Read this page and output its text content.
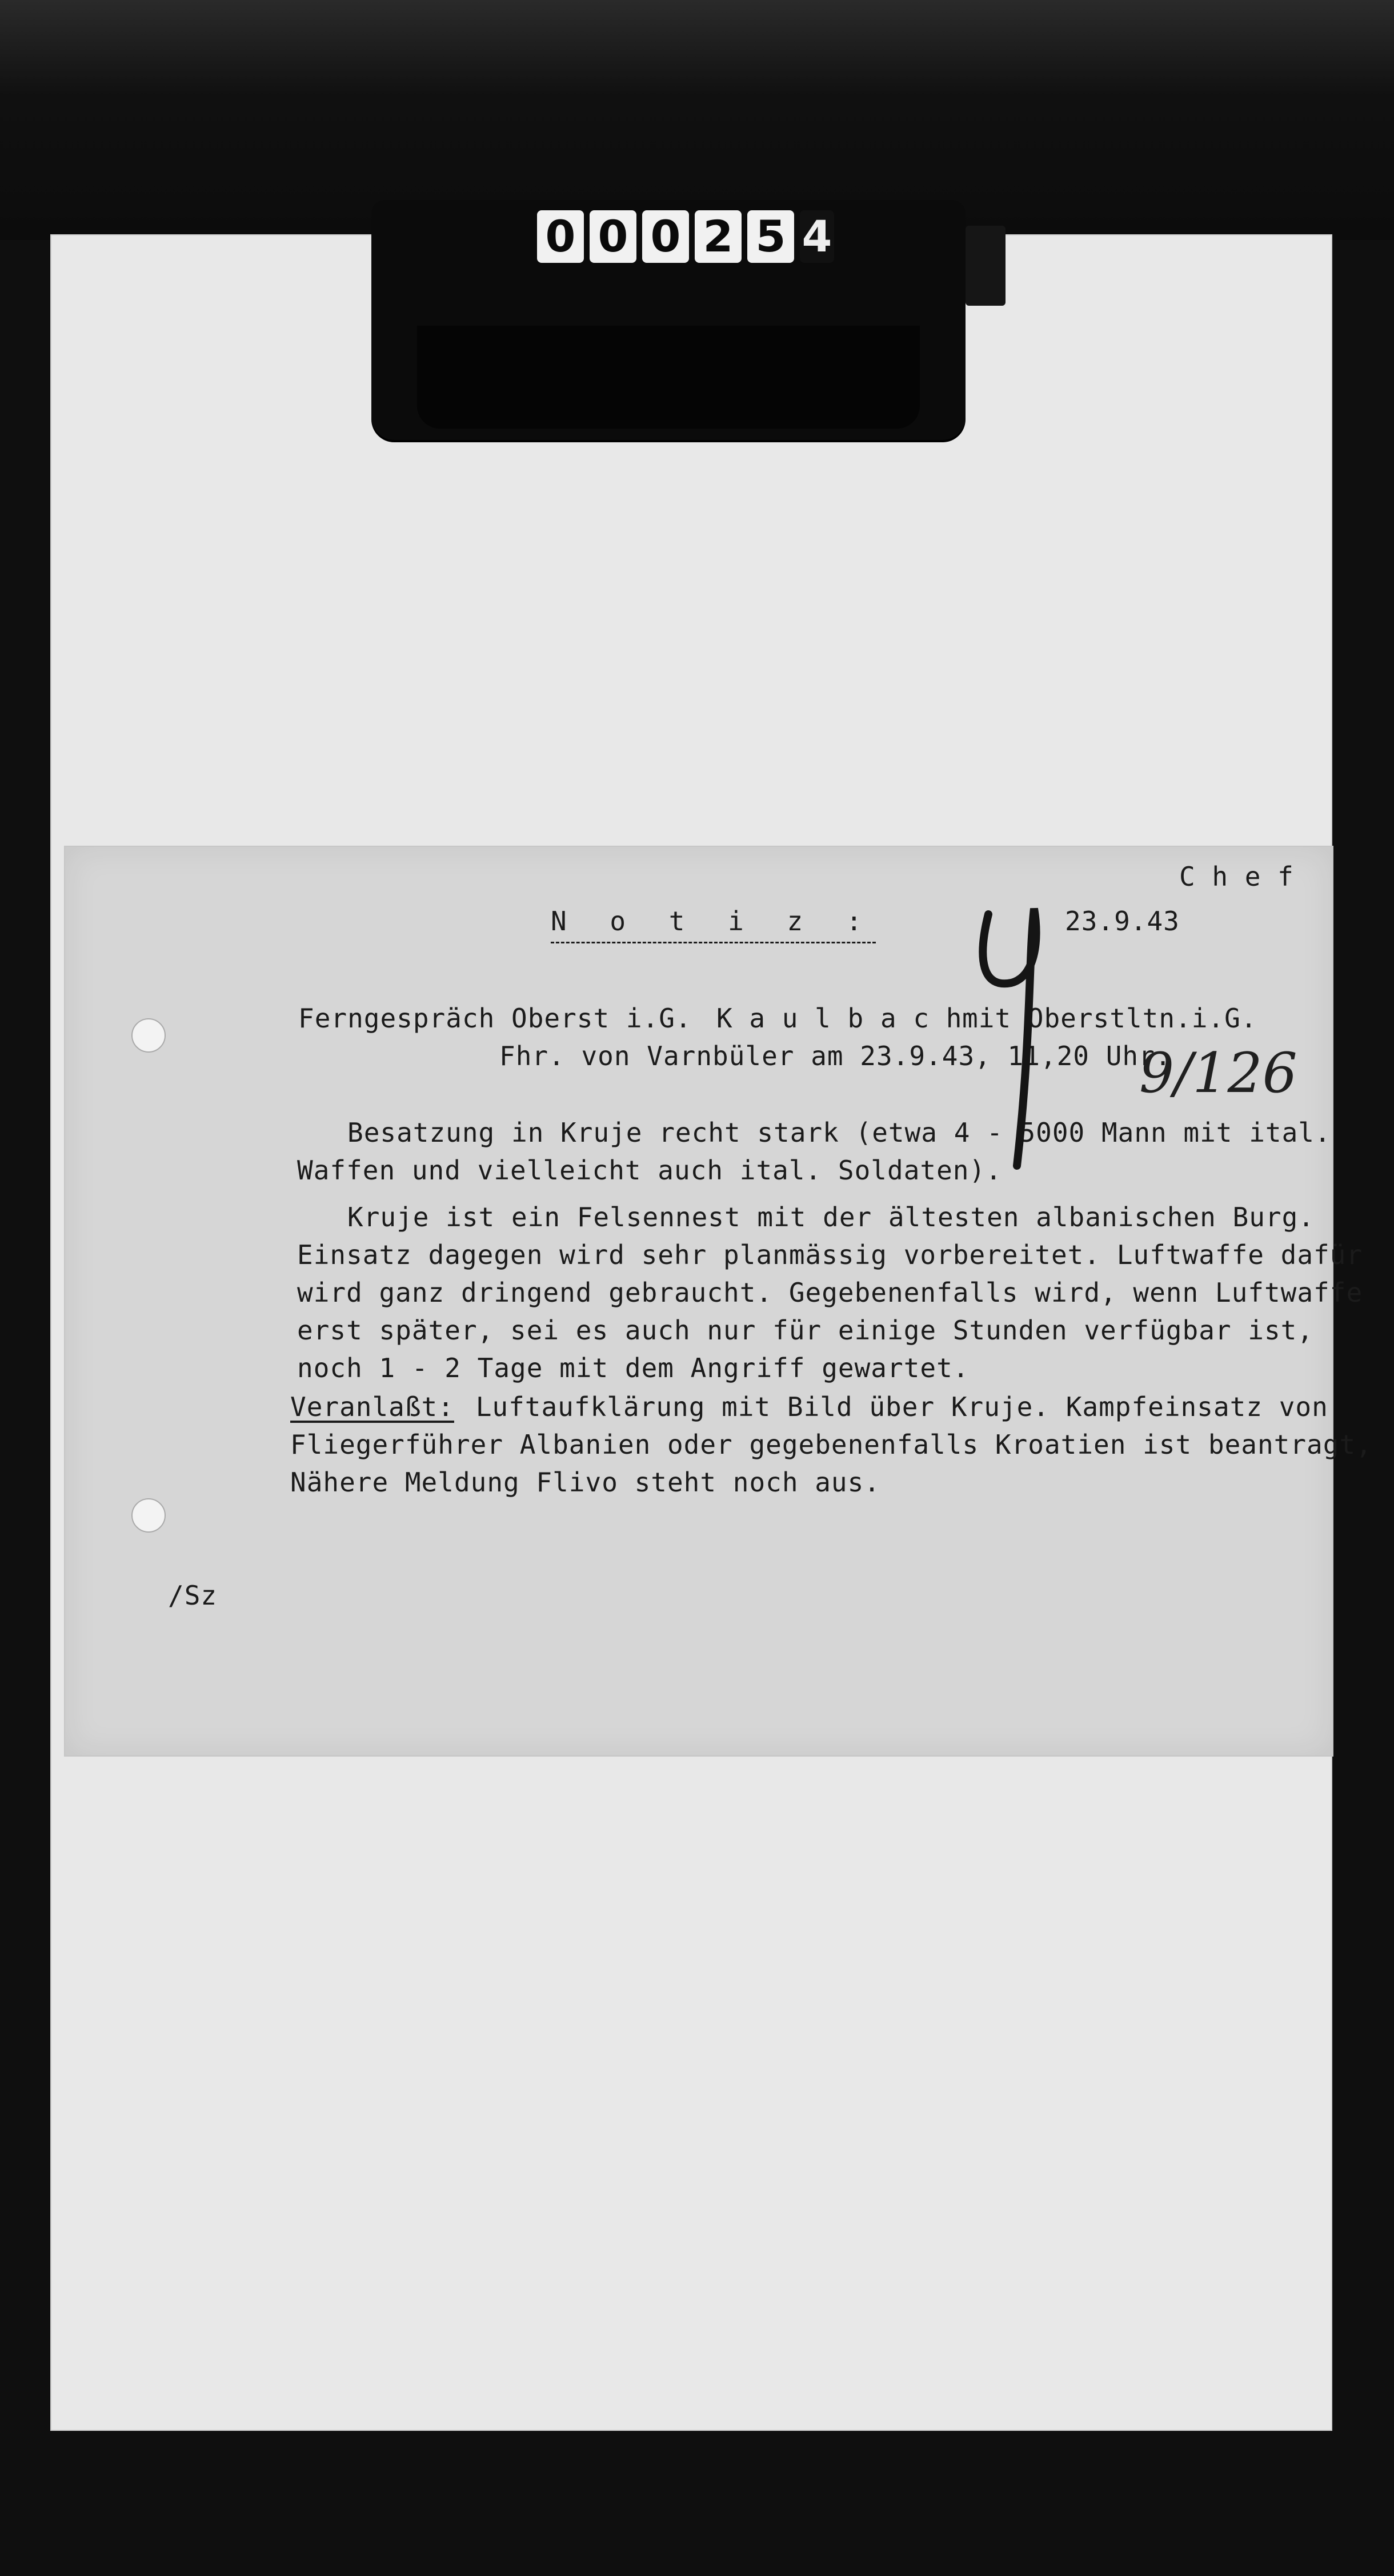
0 0 0 2 5 4
C h e f
N o t i z :	23.9.43
Ferngespräch Oberst i.G. K a u l b a c h mit Oberstltn.i.G.
Fhr. von Varnbüler am 23.9.43, 11,20 Uhr.
9/126
Besatzung in Kruje recht stark (etwa 4 - 5000 Mann mit ital.
Waffen und vielleicht auch ital. Soldaten).
Kruje ist ein Felsennest mit der ältesten albanischen Burg.
Einsatz dagegen wird sehr planmässig vorbereitet. Luftwaffe dafür
wird ganz dringend gebraucht. Gegebenenfalls wird, wenn Luftwaffe
erst später, sei es auch nur für einige Stunden verfügbar ist,
noch 1 - 2 Tage mit dem Angriff gewartet.
Veranlaßt: Luftaufklärung mit Bild über Kruje. Kampfeinsatz von
Fliegerführer Albanien oder gegebenenfalls Kroatien ist beantragt,
Nähere Meldung Flivo steht noch aus.
/Sz
